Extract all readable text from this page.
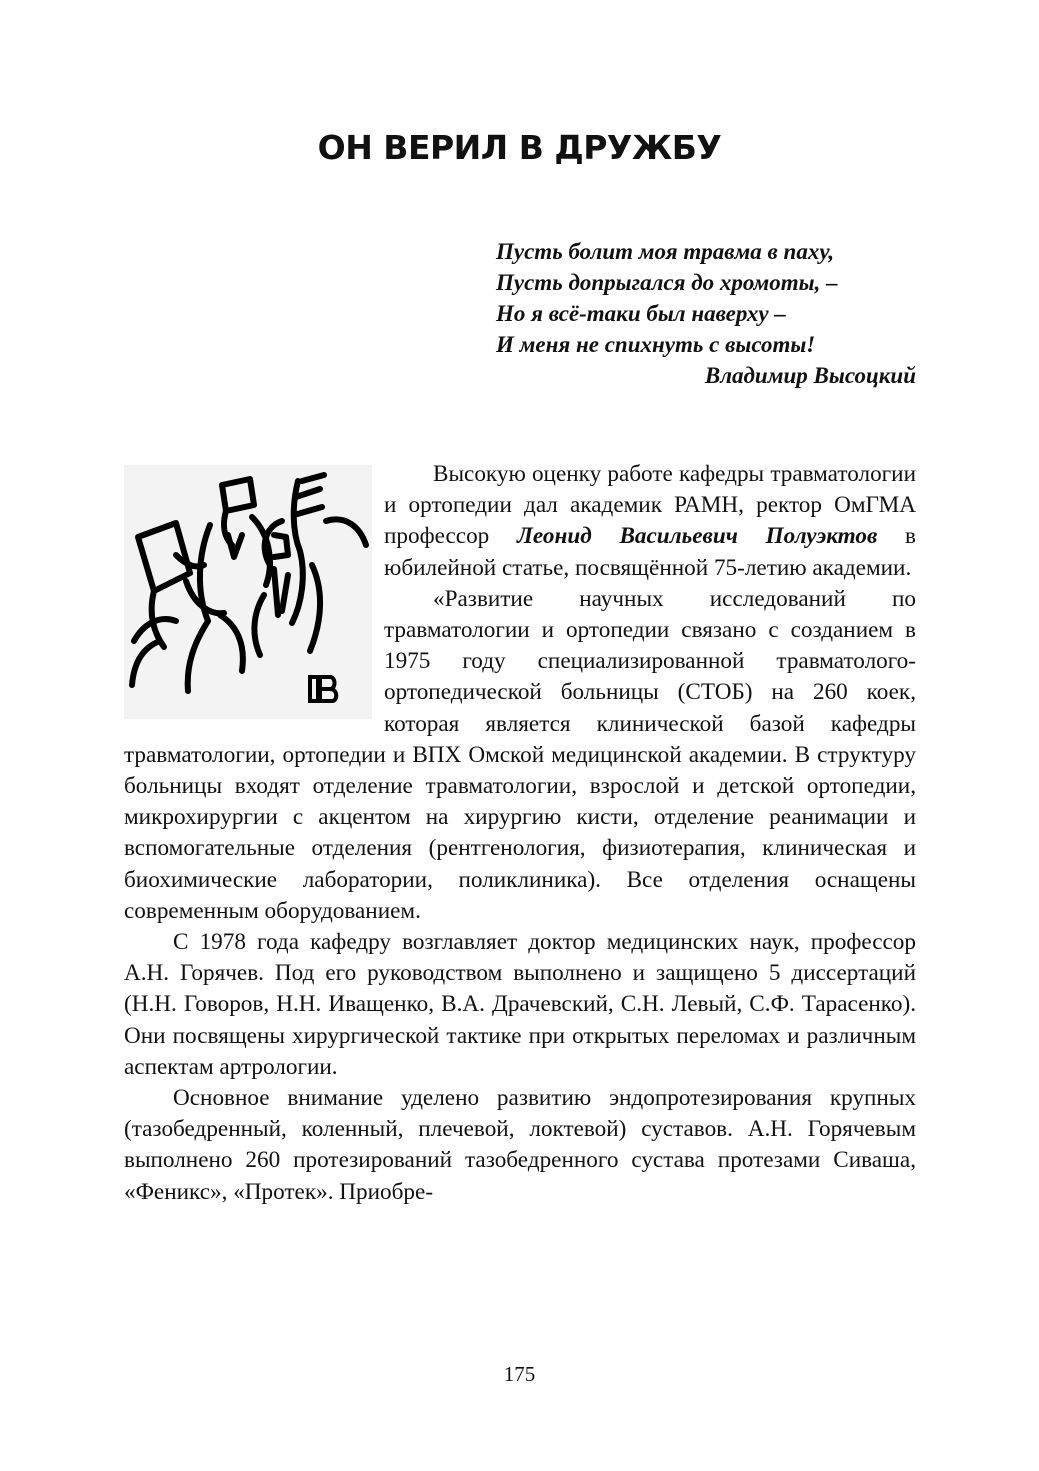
ОН ВЕРИЛ В ДРУЖБУ
Пусть болит моя травма в паху,
Пусть допрыгался до хромоты, –
Но я всё-таки был наверху –
И меня не спихнуть с высоты!
Владимир Высоцкий

Высокую оценку работе кафедры травматологии и ортопедии дал академик РАМН, ректор ОмГМА профессор Леонид Васильевич Полуэктов в юбилейной статье, посвящённой 75-летию академии.

«Развитие научных исследований по травматологии и ортопедии связано с созданием в 1975 году специализированной травматолого-ортопедической больницы (СТОБ) на 260 коек, которая является клинической базой кафедры травматологии, ортопедии и ВПХ Омской медицинской академии. В структуру больницы входят отделение травматологии, взрослой и детской ортопедии, микрохирургии с акцентом на хирургию кисти, отделение реанимации и вспомогательные отделения (рентгенология, физиотерапия, клиническая и биохимические лаборатории, поликлиника). Все отделения оснащены современным оборудованием.

С 1978 года кафедру возглавляет доктор медицинских наук, профессор А.Н. Горячев. Под его руководством выполнено и защищено 5 диссертаций (Н.Н. Говоров, Н.Н. Иващенко, В.А. Драчевский, С.Н. Левый, С.Ф. Тарасенко). Они посвящены хирургической тактике при открытых переломах и различным аспектам артрологии.

Основное внимание уделено развитию эндопротезирования крупных (тазобедренный, коленный, плечевой, локтевой) суставов. А.Н. Горячевым выполнено 260 протезирований тазобедренного сустава протезами Сиваша, «Феникс», «Протек». Приобре-

175
